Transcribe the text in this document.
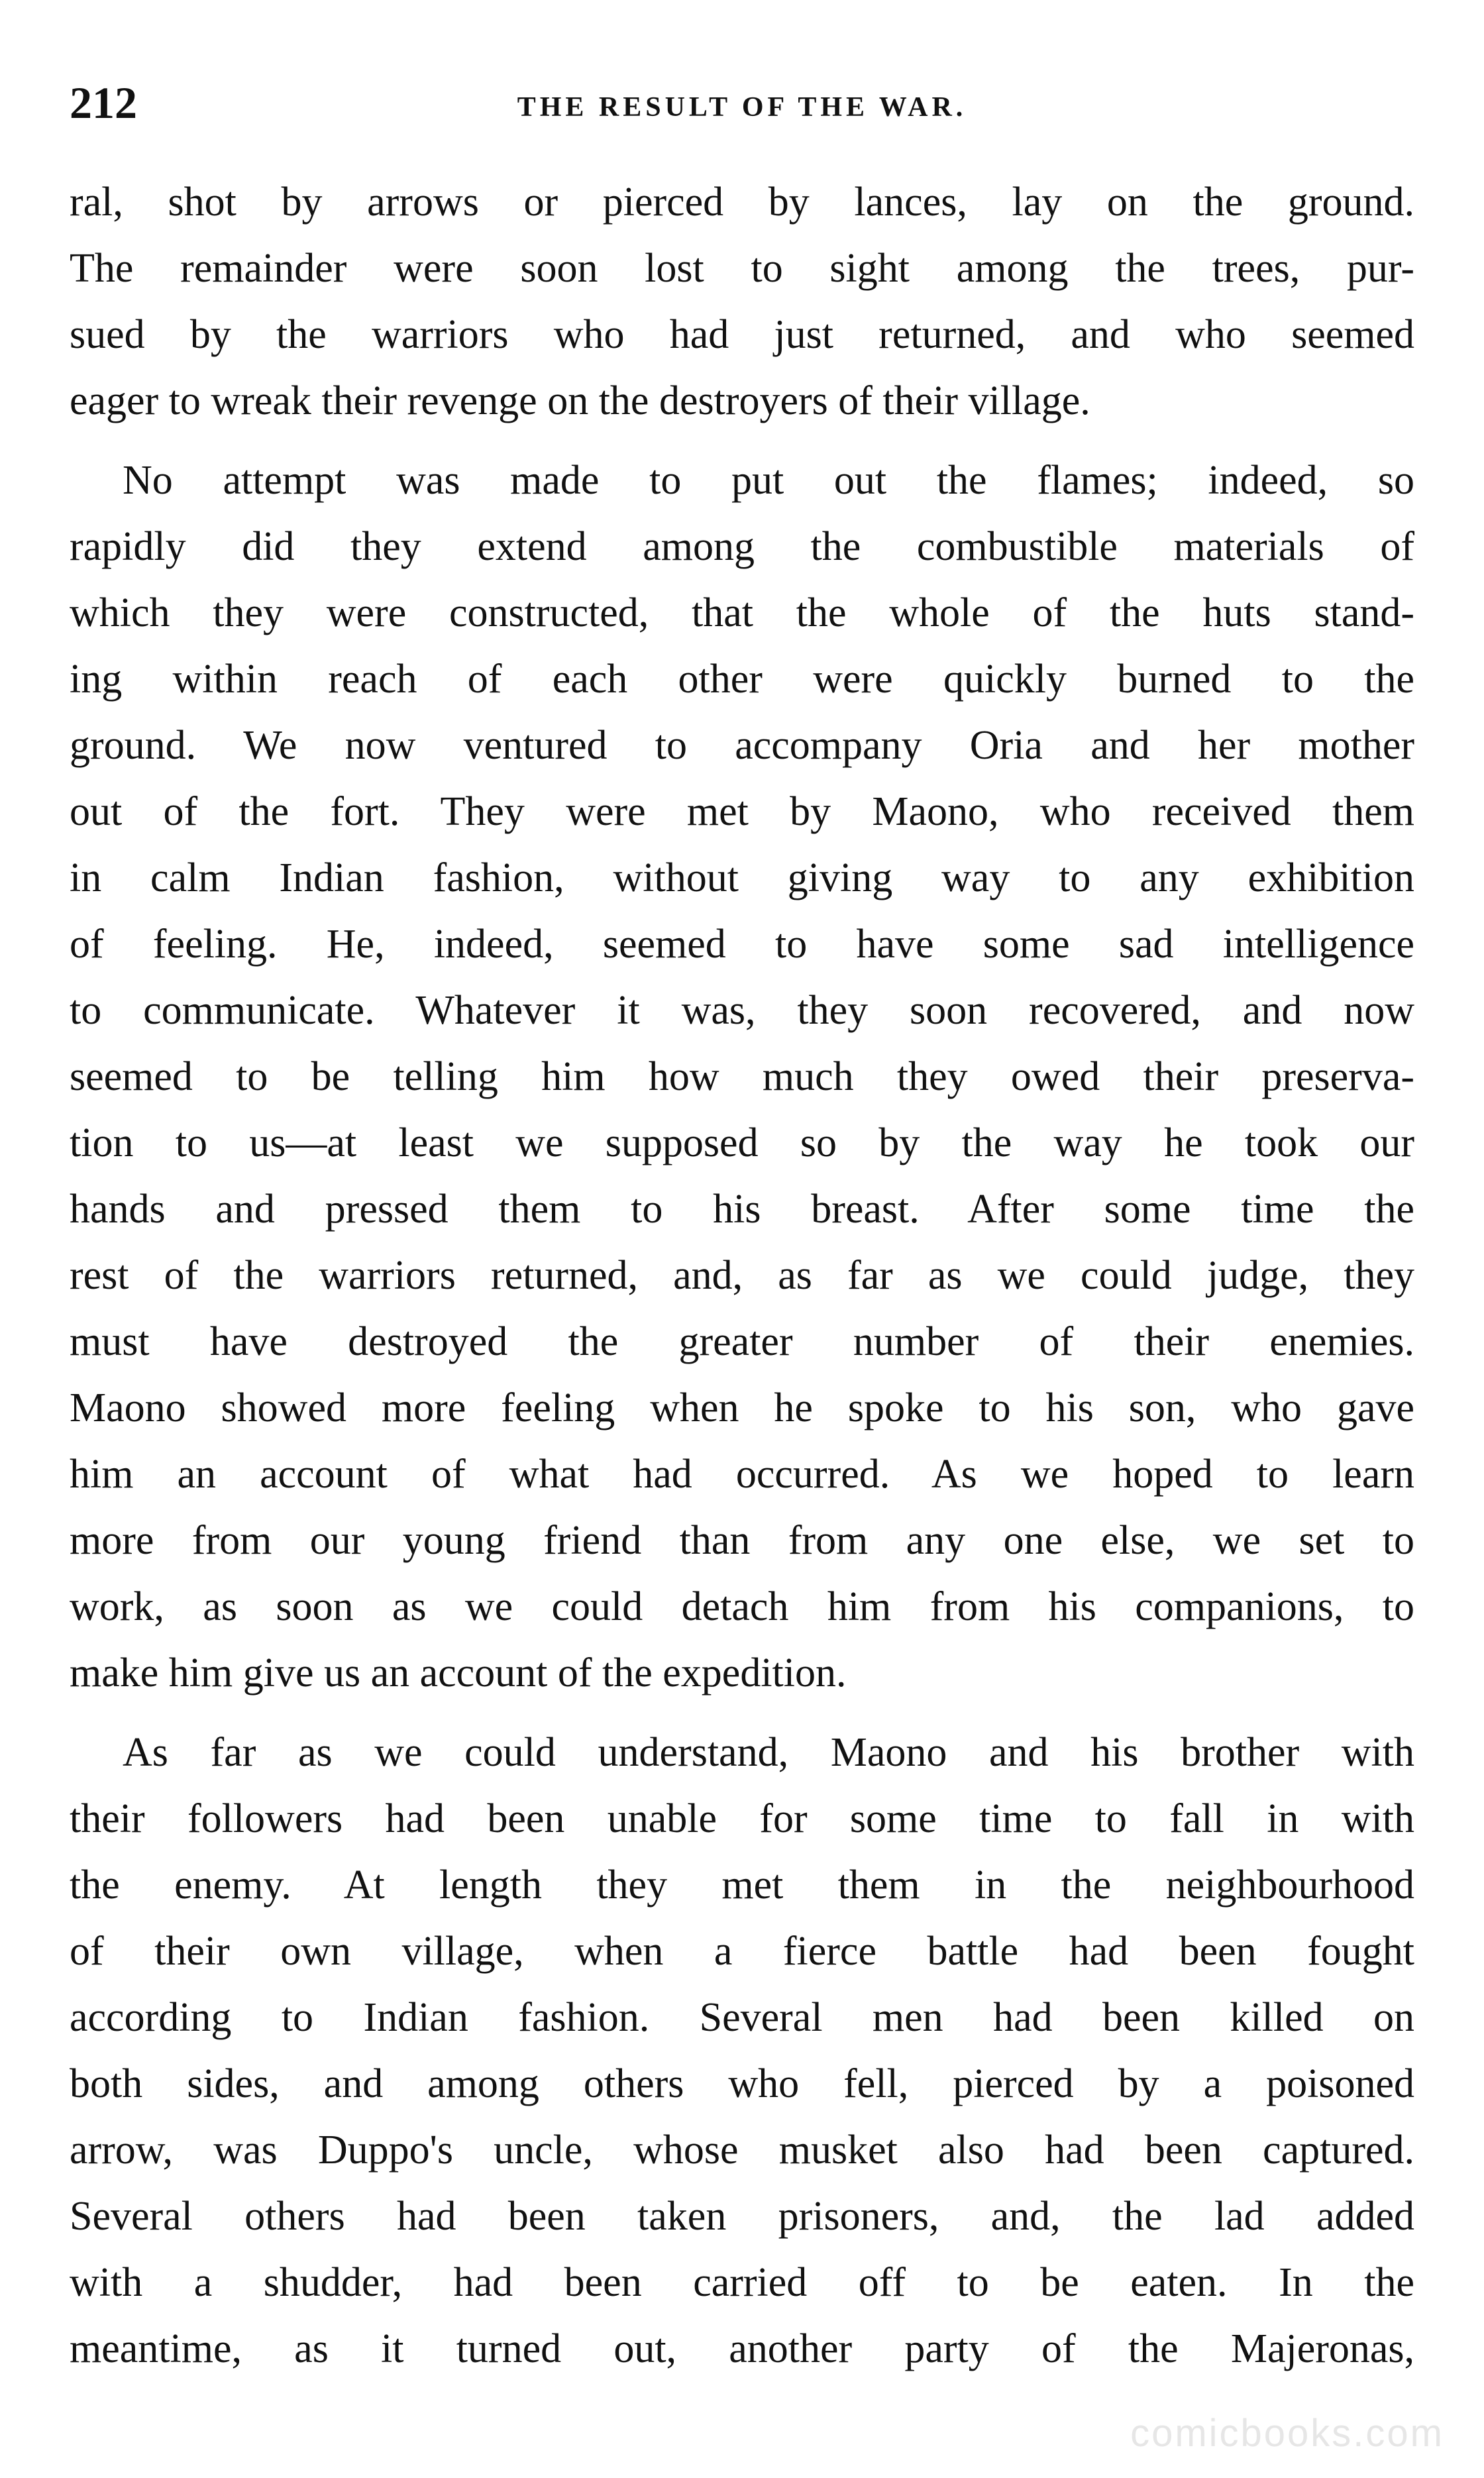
212	THE RESULT OF THE WAR.
ral, shot by arrows or pierced by lances, lay on the ground.
The remainder were soon lost to sight among the trees, pur-
sued by the warriors who had just returned, and who seemed
eager to wreak their revenge on the destroyers of their village.
No attempt was made to put out the flames; indeed, so
rapidly did they extend among the combustible materials of
which they were constructed, that the whole of the huts stand-
ing within reach of each other were quickly burned to the
ground. We now ventured to accompany Oria and her mother
out of the fort. They were met by Maono, who received them
in calm Indian fashion, without giving way to any exhibition
of feeling. He, indeed, seemed to have some sad intelligence
to communicate. Whatever it was, they soon recovered, and now
seemed to be telling him how much they owed their preserva-
tion to us—at least we supposed so by the way he took our
hands and pressed them to his breast. After some time the
rest of the warriors returned, and, as far as we could judge, they
must have destroyed the greater number of their enemies.
Maono showed more feeling when he spoke to his son, who gave
him an account of what had occurred. As we hoped to learn
more from our young friend than from any one else, we set to
work, as soon as we could detach him from his companions, to
make him give us an account of the expedition.
As far as we could understand, Maono and his brother with
their followers had been unable for some time to fall in with
the enemy. At length they met them in the neighbourhood
of their own village, when a fierce battle had been fought
according to Indian fashion. Several men had been killed on
both sides, and among others who fell, pierced by a poisoned
arrow, was Duppo's uncle, whose musket also had been captured.
Several others had been taken prisoners, and, the lad added
with a shudder, had been carried off to be eaten. In the
meantime, as it turned out, another party of the Majeronas,
comicbooks.com
